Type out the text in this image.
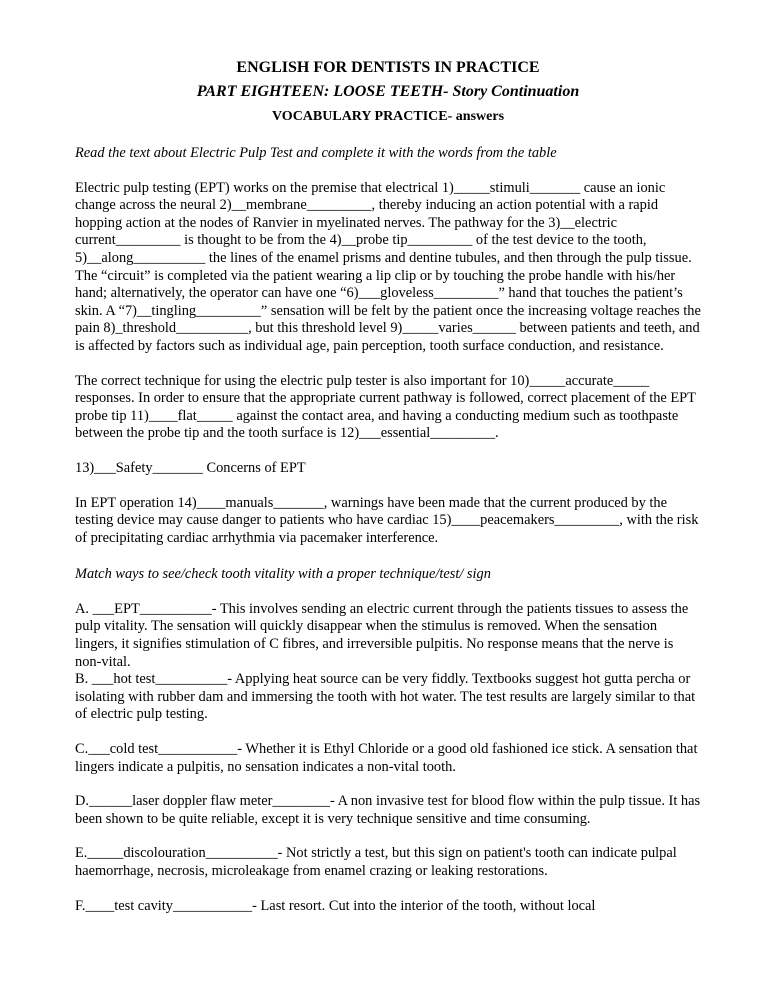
ENGLISH FOR DENTISTS IN PRACTICE
PART EIGHTEEN: LOOSE TEETH- Story Continuation
VOCABULARY PRACTICE- answers

Read the text about Electric Pulp Test and complete it with the words from the table

Electric pulp testing (EPT) works on the premise that electrical 1)_____stimuli_______ cause an ionic change across the neural 2)__membrane_________, thereby inducing an action potential with a rapid hopping action at the nodes of Ranvier in myelinated nerves. The pathway for the 3)__electric current_________ is thought to be from the 4)__probe tip_________ of the test device to the tooth, 5)__along__________ the lines of the enamel prisms and dentine tubules, and then through the pulp tissue. The “circuit” is completed via the patient wearing a lip clip or by touching the probe handle with his/her hand; alternatively, the operator can have one “6)___gloveless_________” hand that touches the patient’s skin. A “7)__tingling_________” sensation will be felt by the patient once the increasing voltage reaches the pain 8)_threshold__________, but this threshold level 9)_____varies______ between patients and teeth, and is affected by factors such as individual age, pain perception, tooth surface conduction, and resistance.

The correct technique for using the electric pulp tester is also important for 10)_____accurate_____ responses. In order to ensure that the appropriate current pathway is followed, correct placement of the EPT probe tip 11)____flat_____ against the contact area, and having a conducting medium such as toothpaste between the probe tip and the tooth surface is 12)___essential_________.

13)___Safety_______ Concerns of EPT

In EPT operation 14)____manuals_______, warnings have been made that the current produced by the testing device may cause danger to patients who have cardiac 15)____peacemakers_________, with the risk of precipitating cardiac arrhythmia via pacemaker interference.

Match ways to see/check tooth vitality with a proper technique/test/ sign

A. ___EPT__________- This involves sending an electric current through the patients tissues to assess the pulp vitality. The sensation will quickly disappear when the stimulus is removed. When the sensation lingers, it signifies stimulation of C fibres, and irreversible pulpitis. No response means that the nerve is non-vital.

B. ___hot test__________- Applying heat source can be very fiddly. Textbooks suggest hot gutta percha or isolating with rubber dam and immersing the tooth with hot water. The test results are largely similar to that of electric pulp testing.

C.___cold test___________- Whether it is Ethyl Chloride or a good old fashioned ice stick. A sensation that lingers indicate a pulpitis, no sensation indicates a non-vital tooth.

D.______laser doppler flaw meter________- A non invasive test for blood flow within the pulp tissue. It has been shown to be quite reliable, except it is very technique sensitive and time consuming.

E._____discolouration__________- Not strictly a test, but this sign on patient's tooth can indicate pulpal haemorrhage, necrosis, microleakage from enamel crazing or leaking restorations.

F.____test cavity___________- Last resort. Cut into the interior of the tooth, without local
